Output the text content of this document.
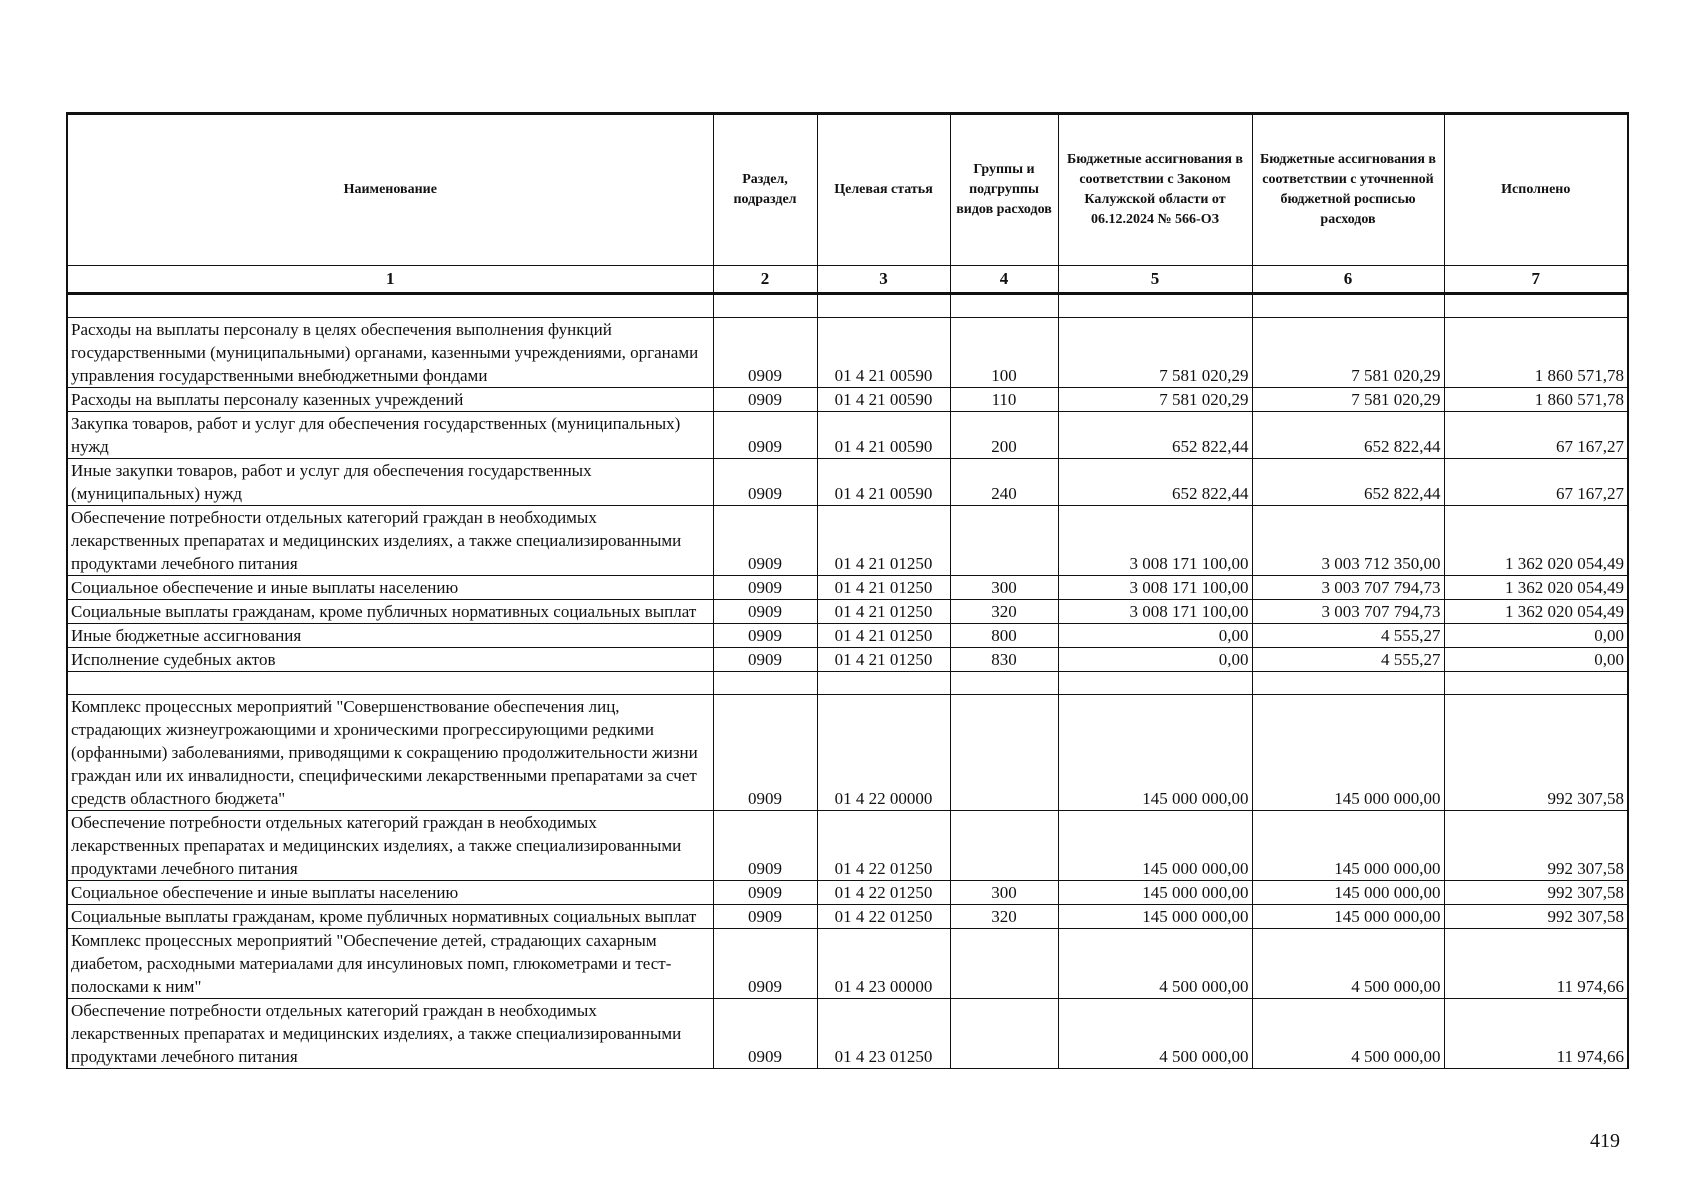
Наименование	Раздел, подраздел	Целевая статья	Группы и подгруппы видов расходов	Бюджетные ассигнования в соответствии с Законом Калужской области от 06.12.2024 № 566-ОЗ	Бюджетные ассигнования в соответствии с уточненной бюджетной росписью расходов	Исполнено
1	2	3	4	5	6	7

Расходы на выплаты персоналу в целях обеспечения выполнения функций государственными (муниципальными) органами, казенными учреждениями, органами управления государственными внебюджетными фондами	0909	01 4 21 00590	100	7 581 020,29	7 581 020,29	1 860 571,78
Расходы на выплаты персоналу казенных учреждений	0909	01 4 21 00590	110	7 581 020,29	7 581 020,29	1 860 571,78
Закупка товаров, работ и услуг для обеспечения государственных (муниципальных) нужд	0909	01 4 21 00590	200	652 822,44	652 822,44	67 167,27
Иные закупки товаров, работ и услуг для обеспечения государственных (муниципальных) нужд	0909	01 4 21 00590	240	652 822,44	652 822,44	67 167,27
Обеспечение потребности отдельных категорий граждан в необходимых лекарственных препаратах и медицинских изделиях, а также специализированными продуктами лечебного питания	0909	01 4 21 01250		3 008 171 100,00	3 003 712 350,00	1 362 020 054,49
Социальное обеспечение и иные выплаты населению	0909	01 4 21 01250	300	3 008 171 100,00	3 003 707 794,73	1 362 020 054,49
Социальные выплаты гражданам, кроме публичных нормативных социальных выплат	0909	01 4 21 01250	320	3 008 171 100,00	3 003 707 794,73	1 362 020 054,49
Иные бюджетные ассигнования	0909	01 4 21 01250	800	0,00	4 555,27	0,00
Исполнение судебных актов	0909	01 4 21 01250	830	0,00	4 555,27	0,00

Комплекс процессных мероприятий "Совершенствование обеспечения лиц, страдающих жизнеугрожающими и хроническими прогрессирующими редкими (орфанными) заболеваниями, приводящими к сокращению продолжительности жизни граждан или их инвалидности, специфическими лекарственными препаратами за счет средств областного бюджета"	0909	01 4 22 00000		145 000 000,00	145 000 000,00	992 307,58
Обеспечение потребности отдельных категорий граждан в необходимых лекарственных препаратах и медицинских изделиях, а также специализированными продуктами лечебного питания	0909	01 4 22 01250		145 000 000,00	145 000 000,00	992 307,58
Социальное обеспечение и иные выплаты населению	0909	01 4 22 01250	300	145 000 000,00	145 000 000,00	992 307,58
Социальные выплаты гражданам, кроме публичных нормативных социальных выплат	0909	01 4 22 01250	320	145 000 000,00	145 000 000,00	992 307,58
Комплекс процессных мероприятий "Обеспечение детей, страдающих сахарным диабетом, расходными материалами для инсулиновых помп, глюкометрами и тест-полосками к ним"	0909	01 4 23 00000		4 500 000,00	4 500 000,00	11 974,66
Обеспечение потребности отдельных категорий граждан в необходимых лекарственных препаратах и медицинских изделиях, а также специализированными продуктами лечебного питания	0909	01 4 23 01250		4 500 000,00	4 500 000,00	11 974,66
419
